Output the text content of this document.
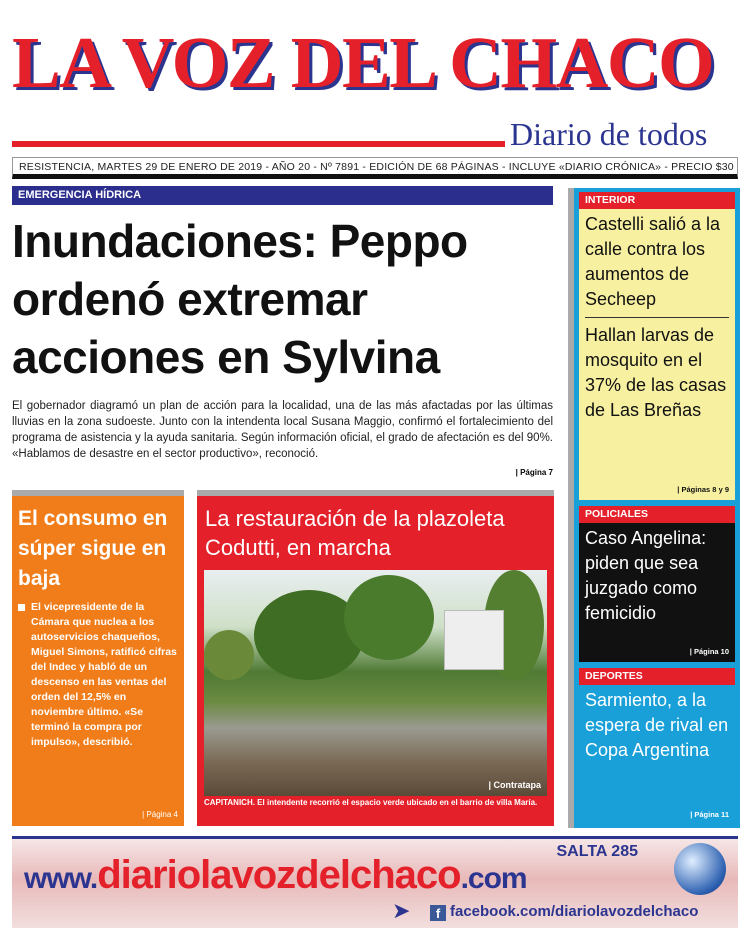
LA VOZ DEL CHACO
Diario de todos
RESISTENCIA, MARTES 29 DE ENERO DE 2019 - AÑO 20 - Nº 7891 - EDICIÓN DE 68 PÁGINAS - INCLUYE «DIARIO CRÓNICA» - PRECIO $30
EMERGENCIA HÍDRICA
Inundaciones: Peppo ordenó extremar acciones en Sylvina

El gobernador diagramó un plan de acción para la localidad, una de las más afactadas por las últimas lluvias en la zona sudoeste. Junto con la intendenta local Susana Maggio, confirmó el fortalecimiento del programa de asistencia y la ayuda sanitaria. Según información oficial, el grado de afectación es del 90%. «Hablamos de desastre en el sector productivo», reconoció.

| Página 7
El consumo en súper sigue en baja

El vicepresidente de la Cámara que nuclea a los autoservicios chaqueños, Miguel Simons, ratificó cifras del Indec y habló de un descenso en las ventas del orden del 12,5% en noviembre último. «Se terminó la compra por impulso», describió.

| Página 4
La restauración de la plazoleta Codutti, en marcha
| Contratapa
CAPITANICH. El intendente recorrió el espacio verde ubicado en el barrio de villa María.
INTERIOR
Castelli salió a la calle contra los aumentos de Secheep
Hallan larvas de mosquito en el 37% de las casas de Las Breñas
| Páginas 8 y 9
POLICIALES
Caso Angelina: piden que sea juzgado como femicidio
| Página 10
DEPORTES
Sarmiento, a la espera de rival en Copa Argentina
| Página 11
www.diariolavozdelchaco.com
SALTA 285
➤	f facebook.com/diariolavozdelchaco
